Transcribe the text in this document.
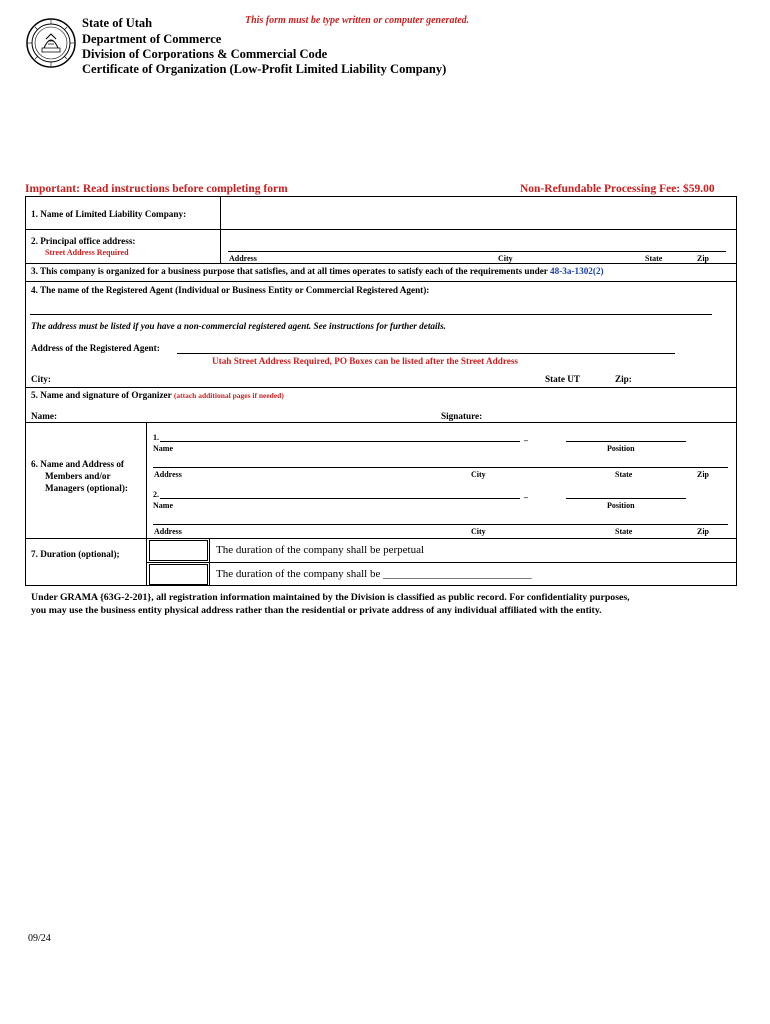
State of Utah
Department of Commerce
Division of Corporations & Commercial Code
Certificate of Organization (Low-Profit Limited Liability Company)
This form must be type written or computer generated.
Important: Read instructions before completing form	Non-Refundable Processing Fee: $59.00
1. Name of Limited Liability Company:
2. Principal office address:
Street Address Required
Address	City	State	Zip
3. This company is organized for a business purpose that satisfies, and at all times operates to satisfy each of the requirements under 48-3a-1302(2)
4. The name of the Registered Agent (Individual or Business Entity or Commercial Registered Agent):
The address must be listed if you have a non-commercial registered agent. See instructions for further details.
Address of the Registered Agent:
Utah Street Address Required, PO Boxes can be listed after the Street Address
City:	State UT	Zip:
5. Name and signature of Organizer (attach additional pages if needed)
Name:	Signature:
6. Name and Address of
Members and/or
Managers (optional):
1.	_
Name	Position
Address	City	State	Zip
2.	_
Name	Position
Address	City	State	Zip
7. Duration (optional);	The duration of the company shall be perpetual
The duration of the company shall be ___________________________
Under GRAMA {63G-2-201}, all registration information maintained by the Division is classified as public record. For confidentiality purposes,
you may use the business entity physical address rather than the residential or private address of any individual affiliated with the entity.
09/24
